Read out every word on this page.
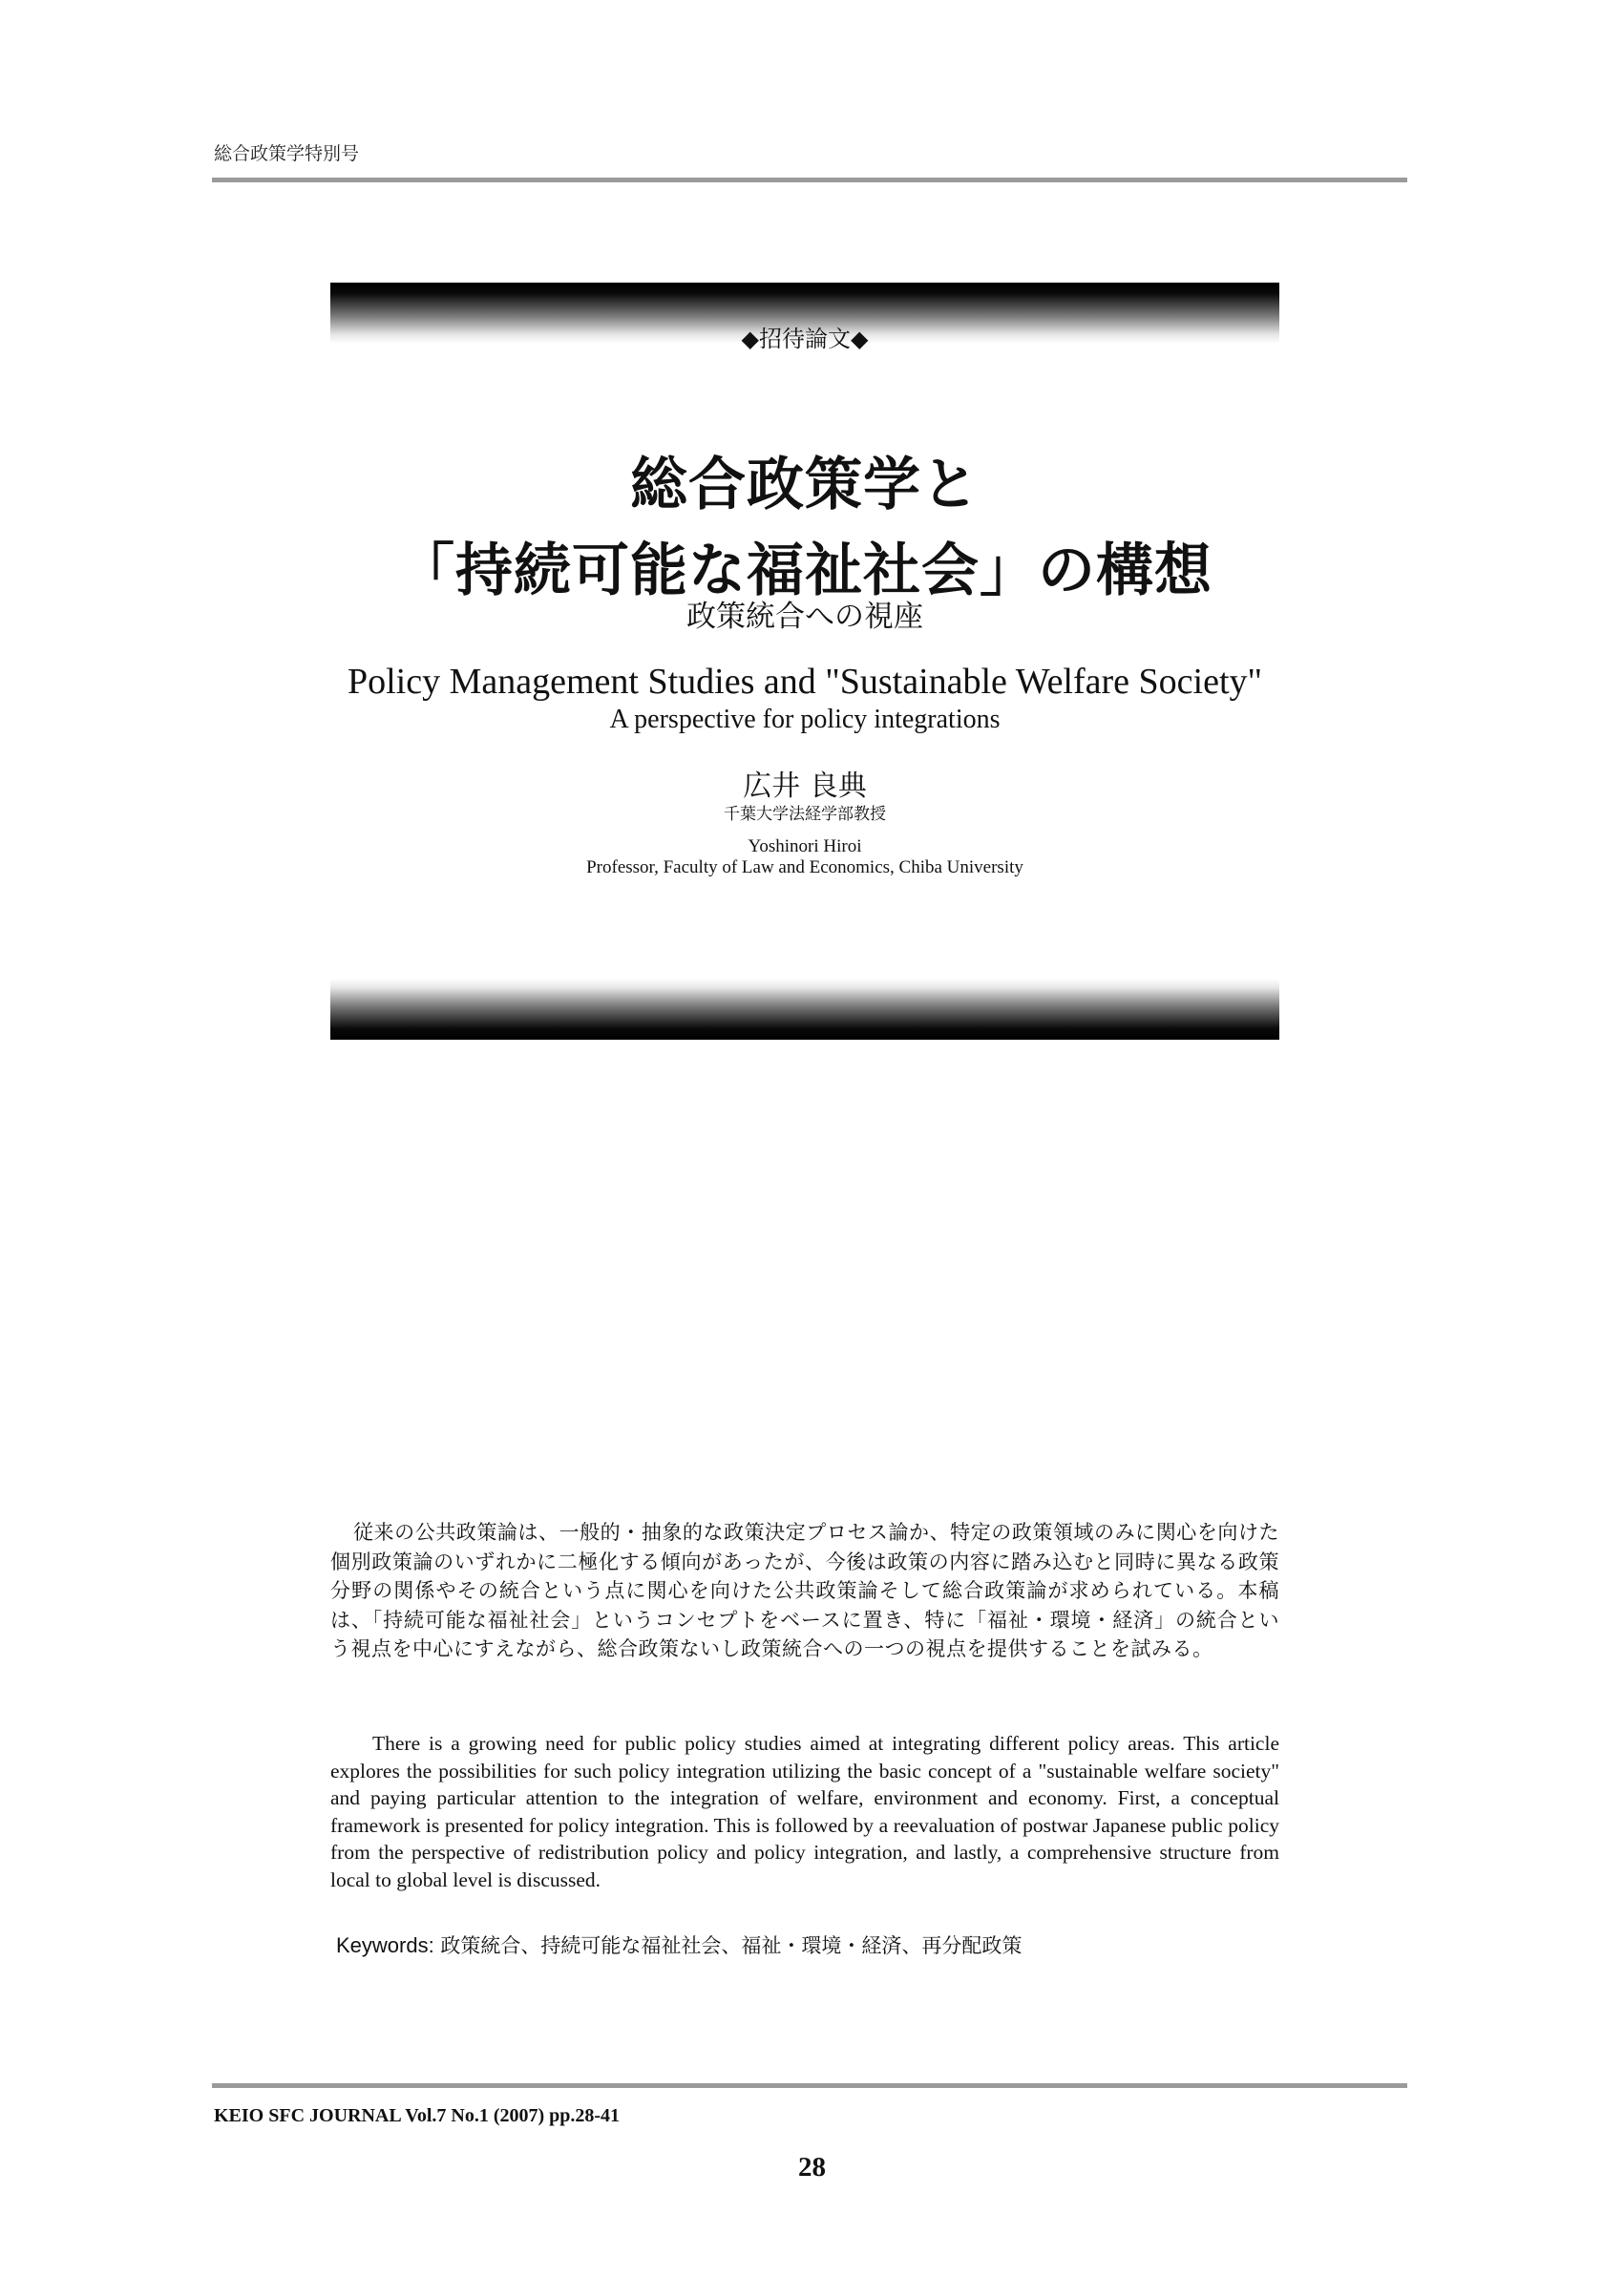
総合政策学特別号
◆招待論文◆
総合政策学と
「持続可能な福祉社会」の構想
政策統合への視座
Policy Management Studies and "Sustainable Welfare Society"
A perspective for policy integrations
広井 良典
千葉大学法経学部教授
Yoshinori Hiroi
Professor, Faculty of Law and Economics, Chiba University

従来の公共政策論は、一般的・抽象的な政策決定プロセス論か、特定の政策領域のみに関心を向けた個別政策論のいずれかに二極化する傾向があったが、今後は政策の内容に踏み込むと同時に異なる政策分野の関係やその統合という点に関心を向けた公共政策論そして総合政策論が求められている。本稿は、「持続可能な福祉社会」というコンセプトをベースに置き、特に「福祉・環境・経済」の統合という視点を中心にすえながら、総合政策ないし政策統合への一つの視点を提供することを試みる。

There is a growing need for public policy studies aimed at integrating different policy areas. This article explores the possibilities for such policy integration utilizing the basic concept of a "sustainable welfare society" and paying particular attention to the integration of welfare, environment and economy. First, a conceptual framework is presented for policy integration. This is followed by a reevaluation of postwar Japanese public policy from the perspective of redistribution policy and policy integration, and lastly, a comprehensive structure from local to global level is discussed.

Keywords: 政策統合、持続可能な福祉社会、福祉・環境・経済、再分配政策
KEIO SFC JOURNAL Vol.7 No.1 (2007) pp.28-41
28
